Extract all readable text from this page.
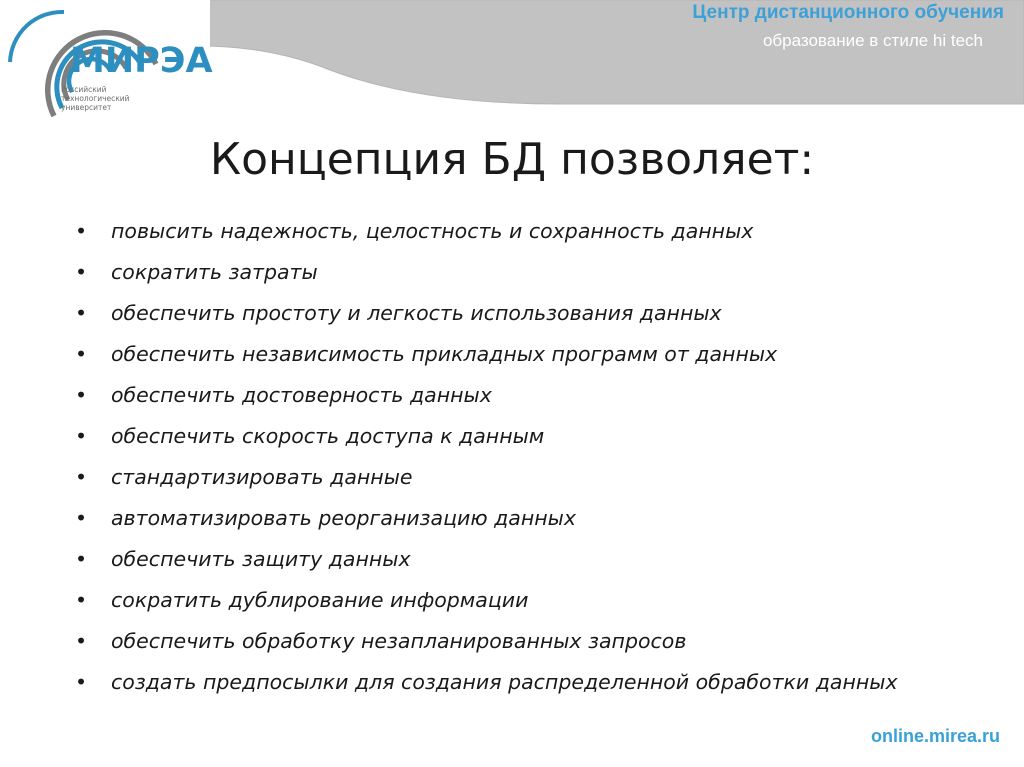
МИРЭА
Российский
технологический
университет
Центр дистанционного обучения
образование в стиле hi tech
Концепция БД позволяет:
• повысить надежность, целостность и сохранность данных
• сократить затраты
• обеспечить простоту и легкость использования данных
• обеспечить независимость прикладных программ от данных
• обеспечить достоверность данных
• обеспечить скорость доступа к данным
• стандартизировать данные
• автоматизировать реорганизацию данных
• обеспечить защиту данных
• сократить дублирование информации
• обеспечить обработку незапланированных запросов
• создать предпосылки для создания распределенной обработки данных
online.mirea.ru
